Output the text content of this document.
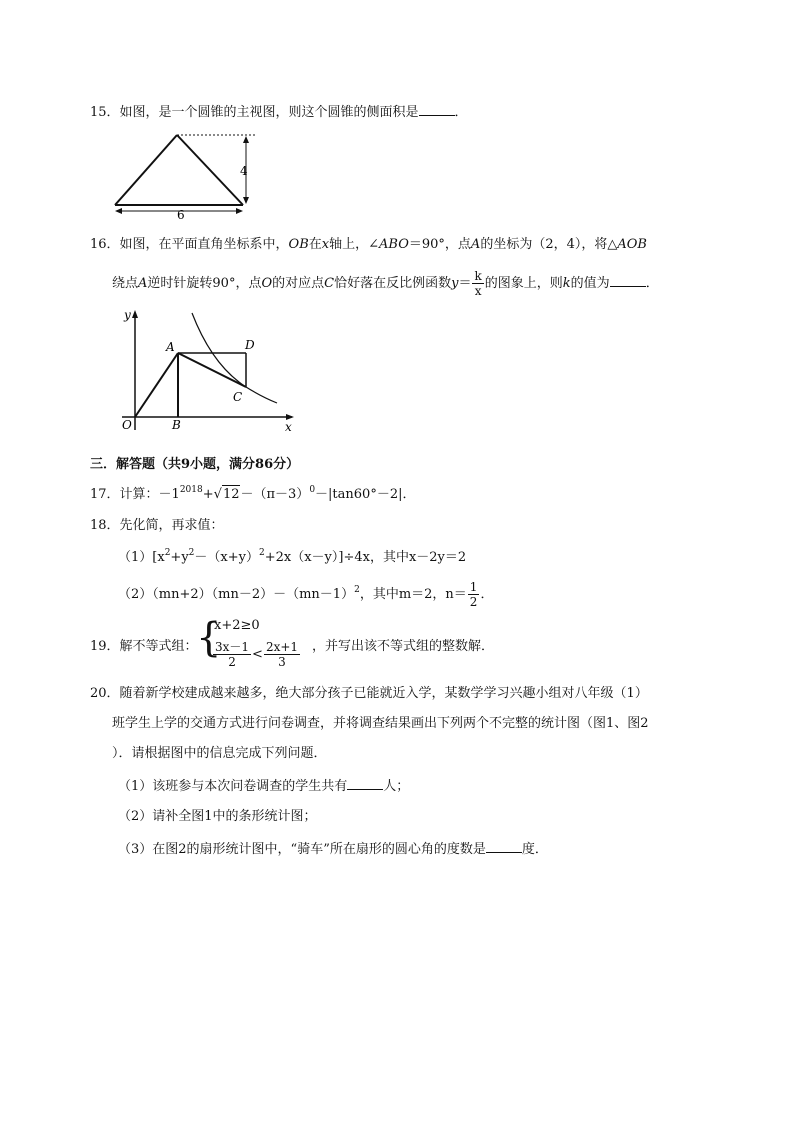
15．如图，是一个圆锥的主视图，则这个圆锥的侧面积是	．
4
6
16．如图，在平面直角坐标系中，OB在x轴上，∠ABO＝90°，点A的坐标为（2，4），将△AOB
绕点A逆时针旋转90°，点O的对应点C恰好落在反比例函数$y= \frac{k}{x}$ 的图象上，则k的值为	．
y
x
O	B
A	D
C
三．解答题（共9小题，满分86分）
17．计算：$-1^{2018}+√12-(\pi-3)^0-|\tan 60^\circ-2|$．
18．先化简，再求值：
$(1)[x^2+y^2-(x+y)^2+2x(x-y)]\div 4x$，其中x－2y＝2
$(2)(mn+2)(mn-2)-(mn-1)^2$，其中m＝2，$n= \frac{1}{2}$ ．
19．解不等式组：
{
x+2≥0
$\frac{3x-1}{2} < \frac{2x+1}{3}$ ，并写出该不等式组的整数解．
20．随着新学校建成越来越多，绝大部分孩子已能就近入学，某数学学习兴趣小组对八年级（1）
班学生上学的交通方式进行问卷调查，并将调查结果画出下列两个不完整的统计图（图1、图2
）．请根据图中的信息完成下列问题．
（1）该班参与本次问卷调查的学生共有	人；
（2）请补全图1中的条形统计图；
（3）在图2的扇形统计图中，“骑车”所在扇形的圆心角的度数是	度．
